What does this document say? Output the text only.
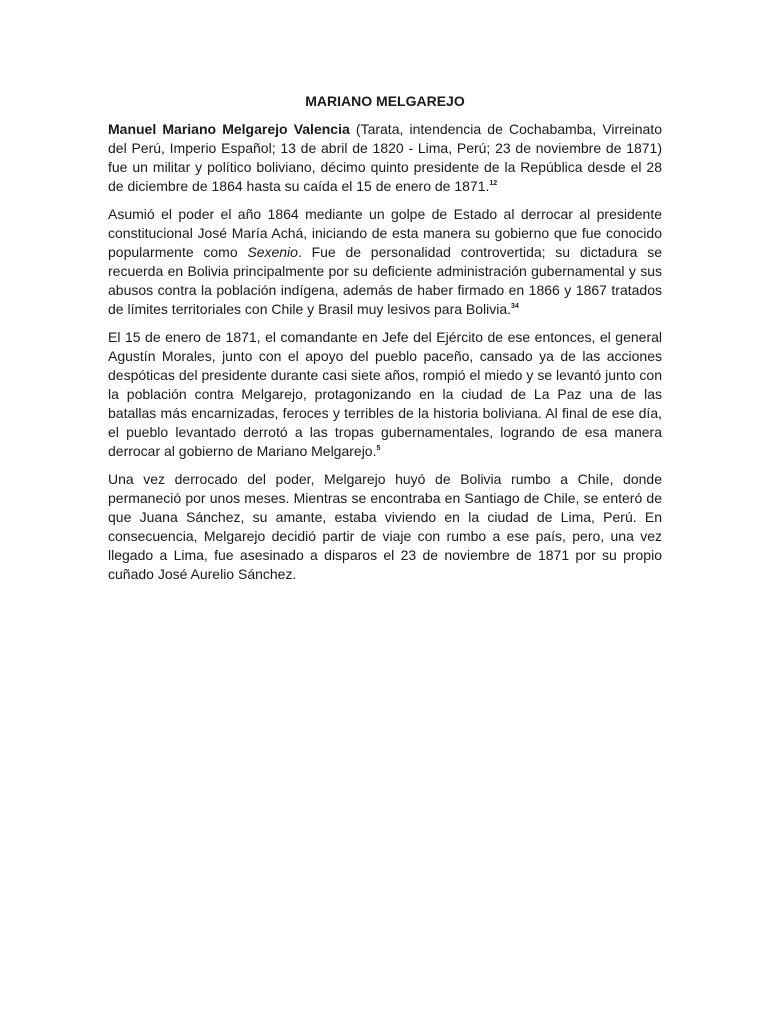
MARIANO MELGAREJO

Manuel Mariano Melgarejo Valencia (Tarata, intendencia de Cochabamba, Virreinato del Perú, Imperio Español; 13 de abril de 1820 - Lima, Perú; 23 de noviembre de 1871) fue un militar y político boliviano, décimo quinto presidente de la República desde el 28 de diciembre de 1864 hasta su caída el 15 de enero de 1871.12

Asumió el poder el año 1864 mediante un golpe de Estado al derrocar al presidente constitucional José María Achá, iniciando de esta manera su gobierno que fue conocido popularmente como Sexenio. Fue de personalidad controvertida; su dictadura se recuerda en Bolivia principalmente por su deficiente administración gubernamental y sus abusos contra la población indígena, además de haber firmado en 1866 y 1867 tratados de límites territoriales con Chile y Brasil muy lesivos para Bolivia.$^{34}$

El 15 de enero de 1871, el comandante en Jefe del Ejército de ese entonces, el general Agustín Morales, junto con el apoyo del pueblo paceño, cansado ya de las acciones despóticas del presidente durante casi siete años, rompió el miedo y se levantó junto con la población contra Melgarejo, protagonizando en la ciudad de La Paz una de las batallas más encarnizadas, feroces y terribles de la historia boliviana. Al final de ese día, el pueblo levantado derrotó a las tropas gubernamentales, logrando de esa manera derrocar al gobierno de Mariano Melgarejo.$^5$

Una vez derrocado del poder, Melgarejo huyó de Bolivia rumbo a Chile, donde permaneció por unos meses. Mientras se encontraba en Santiago de Chile, se enteró de que Juana Sánchez, su amante, estaba viviendo en la ciudad de Lima, Perú. En consecuencia, Melgarejo decidió partir de viaje con rumbo a ese país, pero, una vez llegado a Lima, fue asesinado a disparos el 23 de noviembre de 1871 por su propio cuñado José Aurelio Sánchez.
